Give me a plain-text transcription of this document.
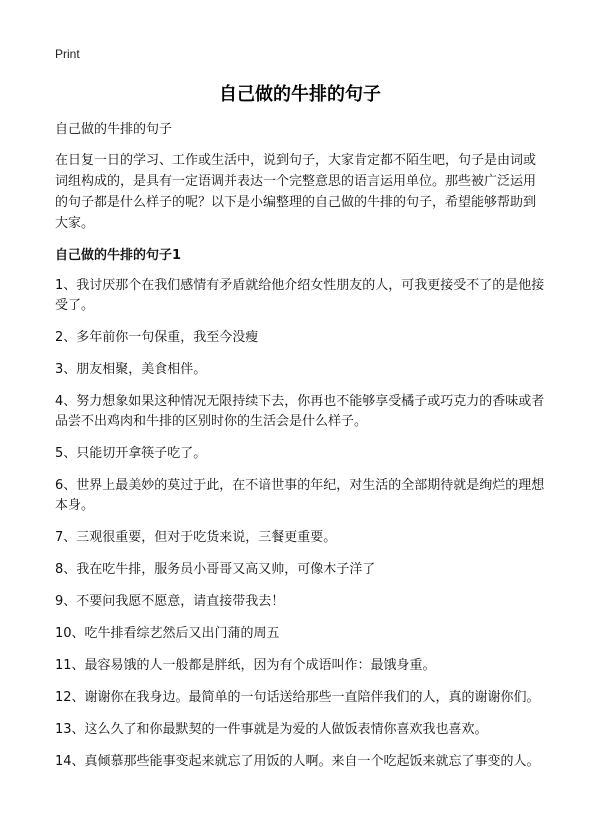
Print
自己做的牛排的句子

自己做的牛排的句子

在日复一日的学习、工作或生活中，说到句子，大家肯定都不陌生吧，句子是由词或词组构成的，是具有一定语调并表达一个完整意思的语言运用单位。那些被广泛运用的句子都是什么样子的呢？以下是小编整理的自己做的牛排的句子，希望能够帮助到大家。

自己做的牛排的句子1

1、我讨厌那个在我们感情有矛盾就给他介绍女性朋友的人，可我更接受不了的是他接受了。

2、多年前你一句保重，我至今没瘦

3、朋友相聚，美食相伴。

4、努力想象如果这种情况无限持续下去，你再也不能够享受橘子或巧克力的香味或者品尝不出鸡肉和牛排的区别时你的生活会是什么样子。

5、只能切开拿筷子吃了。

6、世界上最美妙的莫过于此，在不谙世事的年纪，对生活的全部期待就是绚烂的理想本身。

7、三观很重要，但对于吃货来说，三餐更重要。

8、我在吃牛排，服务员小哥哥又高又帅，可像木子洋了

9、不要问我愿不愿意，请直接带我去！

10、吃牛排看综艺然后又出门蒲的周五

11、最容易饿的人一般都是胖纸，因为有个成语叫作：最饿身重。

12、谢谢你在我身边。最简单的一句话送给那些一直陪伴我们的人，真的谢谢你们。

13、这么久了和你最默契的一件事就是为爱的人做饭表情你喜欢我也喜欢。

14、真倾慕那些能事变起来就忘了用饭的人啊。来自一个吃起饭来就忘了事变的人。
